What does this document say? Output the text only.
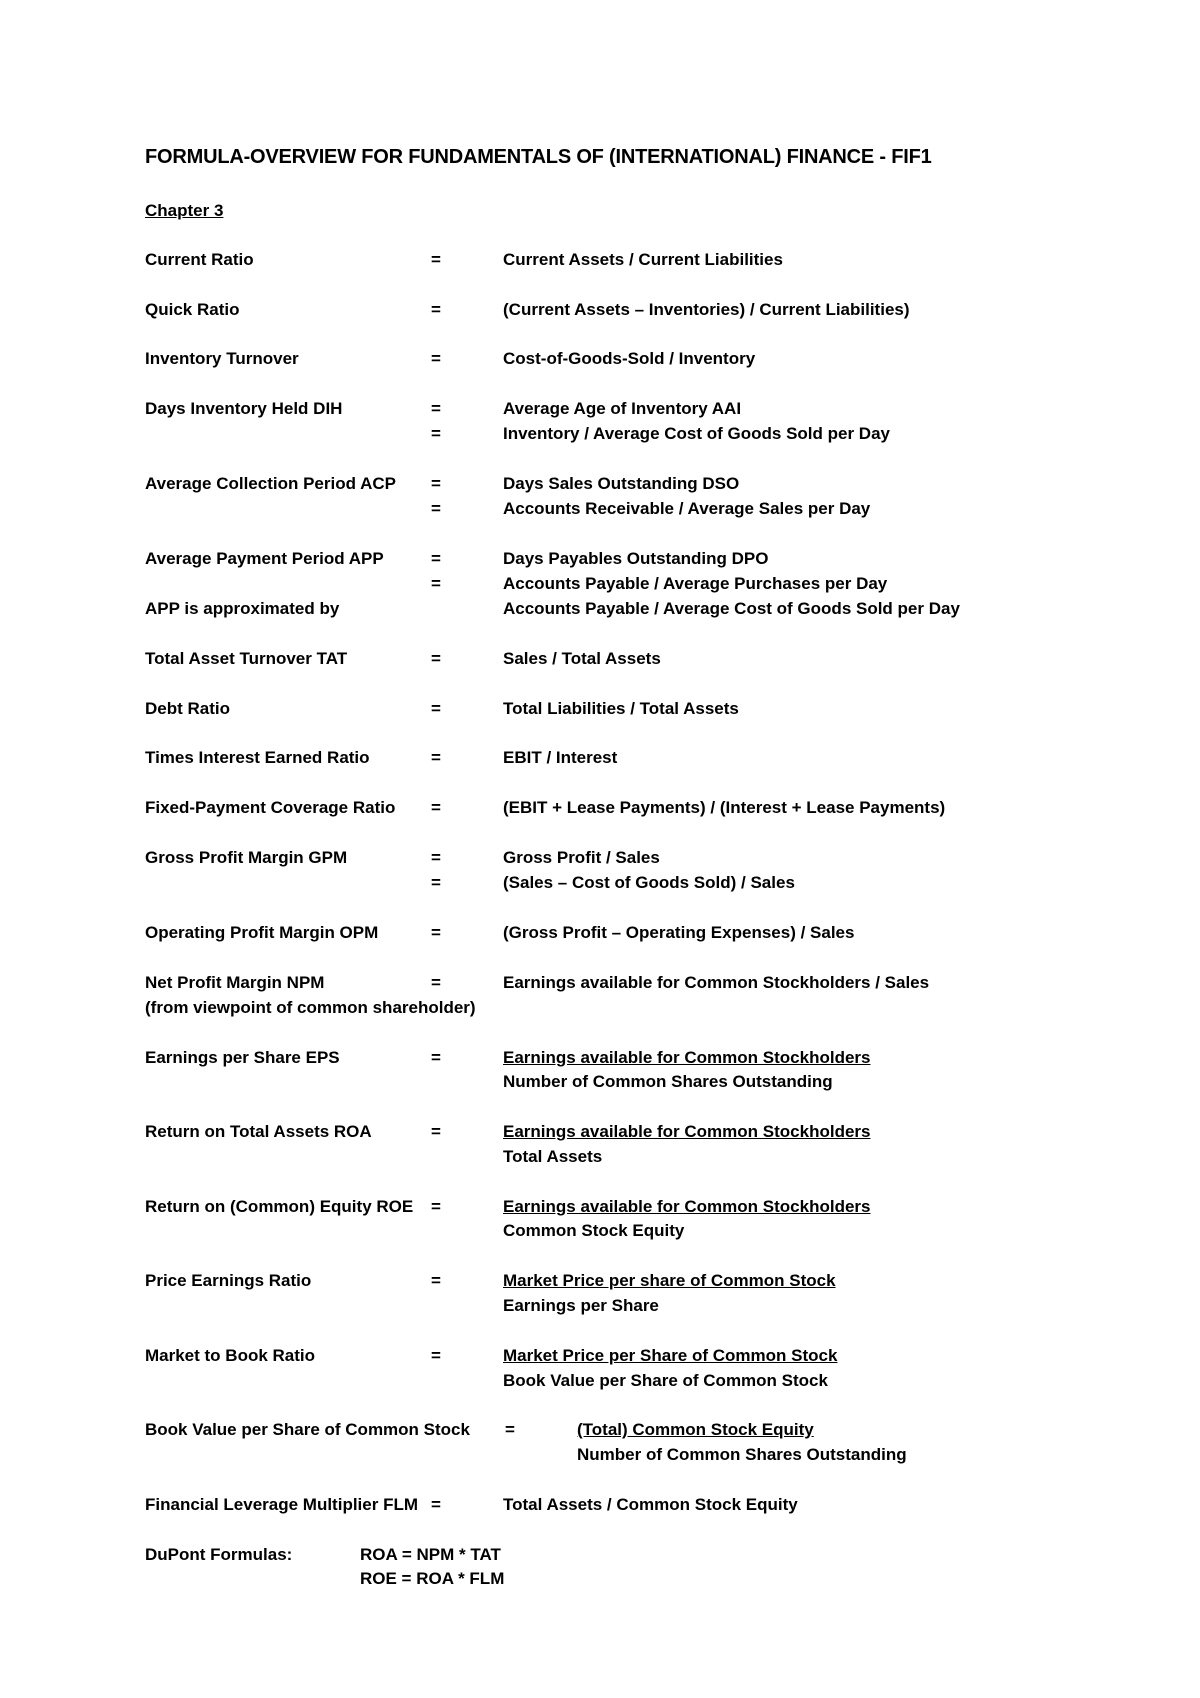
FORMULA-OVERVIEW FOR FUNDAMENTALS OF (INTERNATIONAL) FINANCE - FIF1
Chapter 3
Current Ratio	=	Current Assets / Current Liabilities
Quick Ratio	=	(Current Assets – Inventories) / Current Liabilities)
Inventory Turnover	=	Cost-of-Goods-Sold / Inventory
Days Inventory Held DIH	=	Average Age of Inventory AAI
=	Inventory / Average Cost of Goods Sold per Day
Average Collection Period ACP =	Days Sales Outstanding DSO
=	Accounts Receivable / Average Sales per Day
Average Payment Period APP	=	Days Payables Outstanding DPO
=	Accounts Payable / Average Purchases per Day
APP is approximated by	Accounts Payable / Average Cost of Goods Sold per Day
Total Asset Turnover TAT	=	Sales / Total Assets
Debt Ratio	=	Total Liabilities / Total Assets
Times Interest Earned Ratio	=	EBIT / Interest
Fixed-Payment Coverage Ratio =	(EBIT + Lease Payments) / (Interest + Lease Payments)
Gross Profit Margin GPM	=	Gross Profit / Sales
=	(Sales – Cost of Goods Sold) / Sales
Operating Profit Margin OPM	=	(Gross Profit – Operating Expenses) / Sales
Net Profit Margin NPM	=	Earnings available for Common Stockholders / Sales
(from viewpoint of common shareholder)
Earnings per Share EPS	=	Earnings available for Common Stockholders
Number of Common Shares Outstanding
Return on Total Assets ROA	=	Earnings available for Common Stockholders
Total Assets
Return on (Common) Equity ROE =	Earnings available for Common Stockholders
Common Stock Equity
Price Earnings Ratio	=	Market Price per share of Common Stock
Earnings per Share
Market to Book Ratio	=	Market Price per Share of Common Stock
Book Value per Share of Common Stock
Book Value per Share of Common Stock =	(Total) Common Stock Equity
Number of Common Shares Outstanding
Financial Leverage Multiplier FLM =	Total Assets / Common Stock Equity
DuPont Formulas:	ROA = NPM * TAT
ROE = ROA * FLM
